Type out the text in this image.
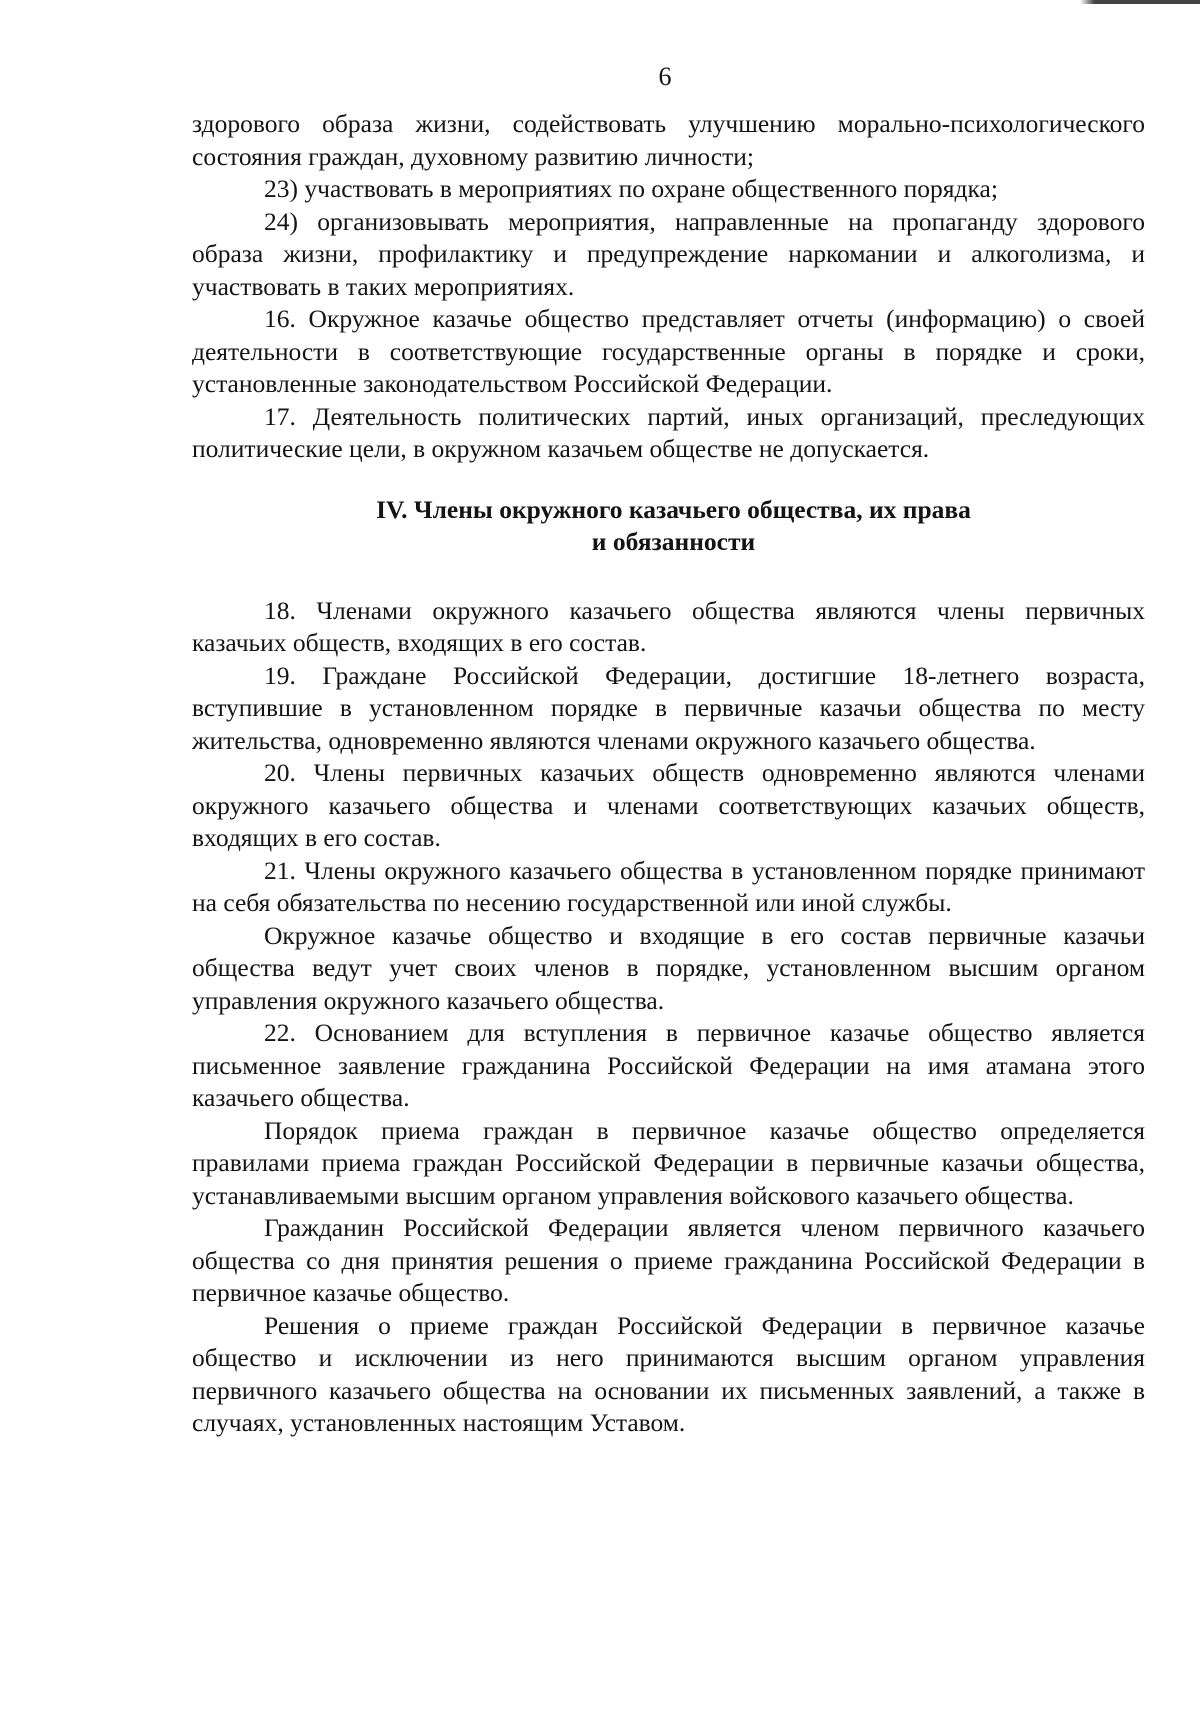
6

здорового образа жизни, содействовать улучшению морально-психологического состояния граждан, духовному развитию личности;

23) участвовать в мероприятиях по охране общественного порядка;

24) организовывать мероприятия, направленные на пропаганду здорового образа жизни, профилактику и предупреждение наркомании и алкоголизма, и участвовать в таких мероприятиях.

16. Окружное казачье общество представляет отчеты (информацию) о своей деятельности в соответствующие государственные органы в порядке и сроки, установленные законодательством Российской Федерации.

17. Деятельность политических партий, иных организаций, преследующих политические цели, в окружном казачьем обществе не допускается.

IV. Члены окружного казачьего общества, их права
и обязанности

18. Членами окружного казачьего общества являются члены первичных казачьих обществ, входящих в его состав.

19. Граждане Российской Федерации, достигшие 18-летнего возраста, вступившие в установленном порядке в первичные казачьи общества по месту жительства, одновременно являются членами окружного казачьего общества.

20. Члены первичных казачьих обществ одновременно являются членами окружного казачьего общества и членами соответствующих казачьих обществ, входящих в его состав.

21. Члены окружного казачьего общества в установленном порядке принимают на себя обязательства по несению государственной или иной службы.

Окружное казачье общество и входящие в его состав первичные казачьи общества ведут учет своих членов в порядке, установленном высшим органом управления окружного казачьего общества.

22. Основанием для вступления в первичное казачье общество является письменное заявление гражданина Российской Федерации на имя атамана этого казачьего общества.

Порядок приема граждан в первичное казачье общество определяется правилами приема граждан Российской Федерации в первичные казачьи общества, устанавливаемыми высшим органом управления войскового казачьего общества.

Гражданин Российской Федерации является членом первичного казачьего общества со дня принятия решения о приеме гражданина Российской Федерации в первичное казачье общество.

Решения о приеме граждан Российской Федерации в первичное казачье общество и исключении из него принимаются высшим органом управления первичного казачьего общества на основании их письменных заявлений, а также в случаях, установленных настоящим Уставом.
